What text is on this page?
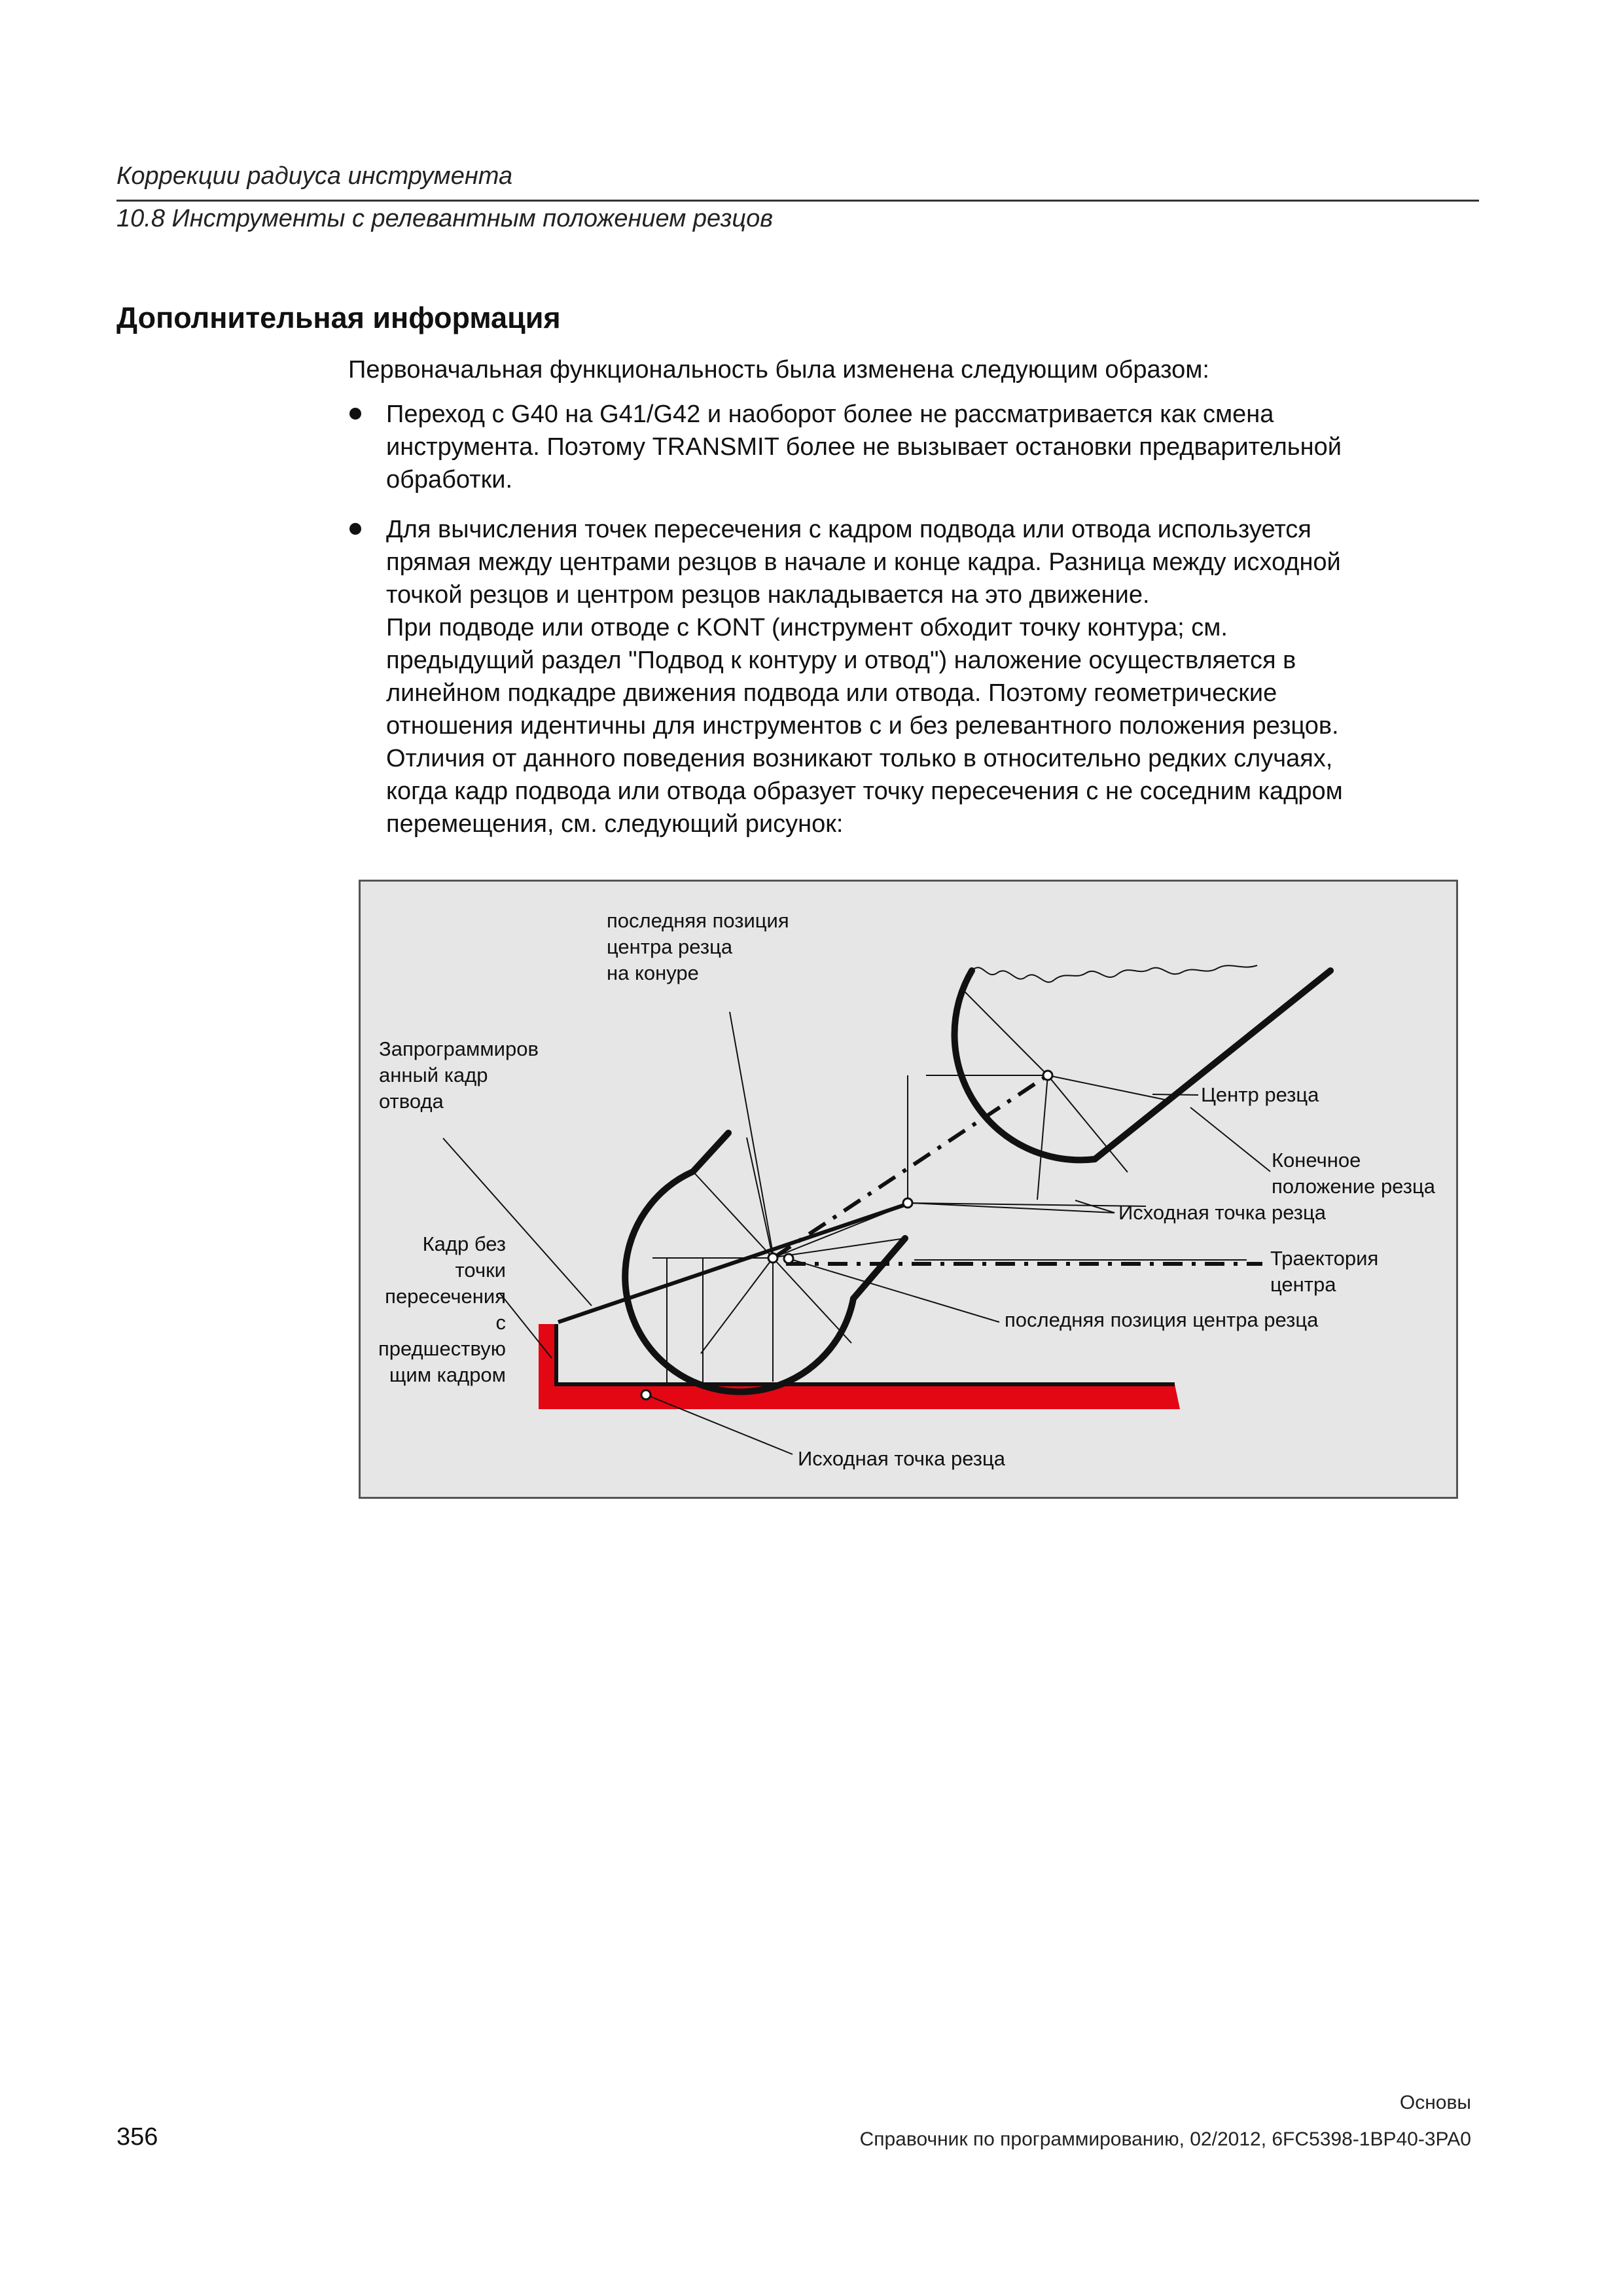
Коррекции радиуса инструмента
10.8 Инструменты с релевантным положением резцов
Дополнительная информация
Первоначальная функциональность была изменена следующим образом:
Переход с G40 на G41/G42 и наоборот более не рассматривается как смена
инструмента. Поэтому TRANSMIT более не вызывает остановки предварительной
обработки.
Для вычисления точек пересечения с кадром подвода или отвода используется
прямая между центрами резцов в начале и конце кадра. Разница между исходной
точкой резцов и центром резцов накладывается на это движение.
При подводе или отводе с KONT (инструмент обходит точку контура; см.
предыдущий раздел "Подвод к контуру и отвод") наложение осуществляется в
линейном подкадре движения подвода или отвода. Поэтому геометрические
отношения идентичны для инструментов с и без релевантного положения резцов.
Отличия от данного поведения возникают только в относительно редких случаях,
когда кадр подвода или отвода образует точку пересечения с не соседним кадром
перемещения, см. следующий рисунок:
последняя позиция
центра резца
на конуре
Запрограммиров
анный кадр
отвода	Центр резца
Конечное
положение резца
Исходная точка резца
Траектория
центра
последняя позиция центра резца
Кадр без
точки
пересечения
с
предшествую
щим кадром
Исходная точка резца
Основы
Справочник по программированию, 02/2012, 6FC5398-1BP40-3PA0
356
